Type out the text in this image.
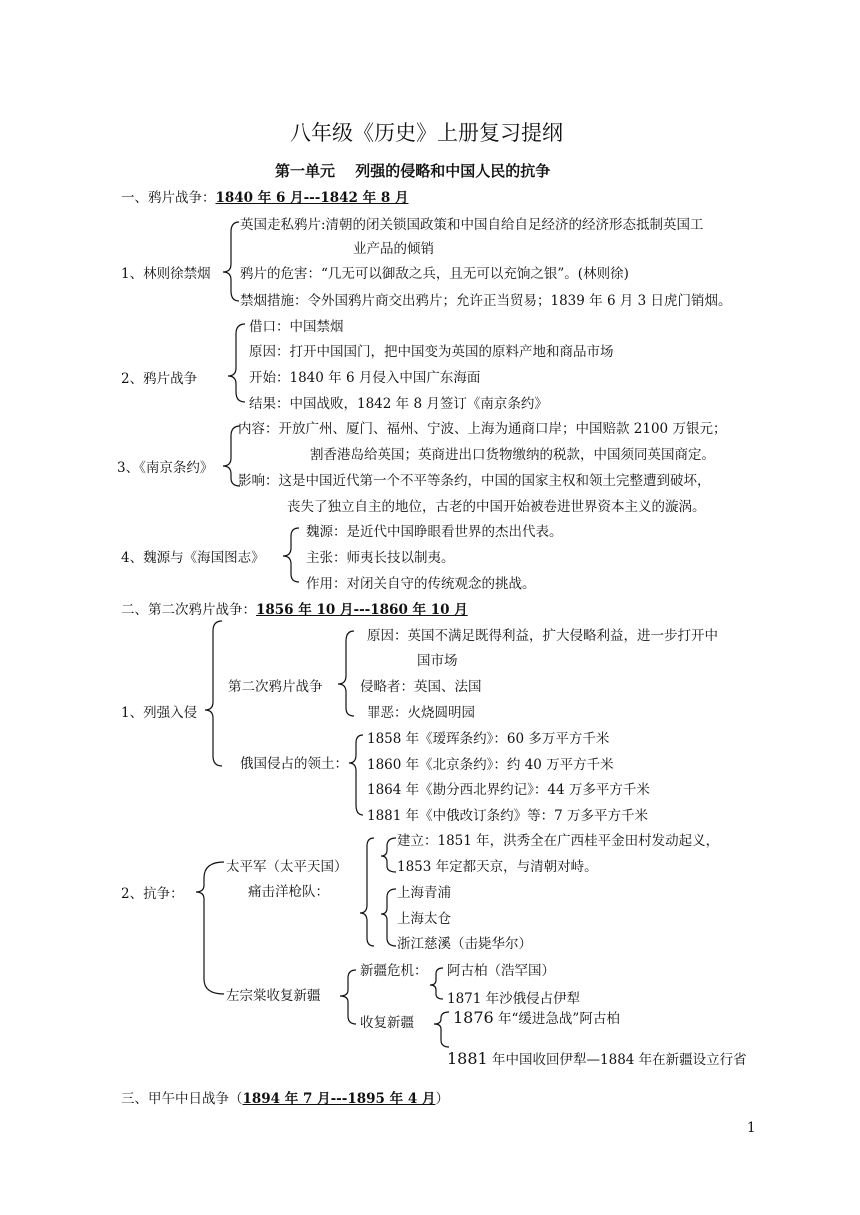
八年级《历史》上册复习提纲
第一单元　 列强的侵略和中国人民的抗争
一、鸦片战争：1840 年 6 月---1842 年 8 月
1、林则徐禁烟
英国走私鸦片:清朝的闭关锁国政策和中国自给自足经济的经济形态抵制英国工
业产品的倾销
鸦片的危害：“几无可以御敌之兵，且无可以充饷之银”。(林则徐)
禁烟措施：令外国鸦片商交出鸦片；允许正当贸易；1839 年 6 月 3 日虎门销烟。
2、鸦片战争
借口：中国禁烟
原因：打开中国国门，把中国变为英国的原料产地和商品市场
开始：1840 年 6 月侵入中国广东海面
结果：中国战败，1842 年 8 月签订《南京条约》
3、《南京条约》
内容：开放广州、厦门、福州、宁波、上海为通商口岸；中国赔款 2100 万银元；
割香港岛给英国；英商进出口货物缴纳的税款，中国须同英国商定。
影响：这是中国近代第一个不平等条约，中国的国家主权和领土完整遭到破坏，
丧失了独立自主的地位，古老的中国开始被卷进世界资本主义的漩涡。
4、魏源与《海国图志》
魏源：是近代中国睁眼看世界的杰出代表。
主张：师夷长技以制夷。
作用：对闭关自守的传统观念的挑战。
二、第二次鸦片战争：1856 年 10 月---1860 年 10 月
1、列强入侵
第二次鸦片战争
原因：英国不满足既得利益，扩大侵略利益，进一步打开中
国市场
侵略者：英国、法国
罪恶：火烧圆明园
俄国侵占的领土：
1858 年《瑷珲条约》：60 多万平方千米
1860 年《北京条约》：约 40 万平方千米
1864 年《勘分西北界约记》：44 万多平方千米
1881 年《中俄改订条约》等：7 万多平方千米
2、抗争：
太平军（太平天国）
痛击洋枪队：
建立：1851 年，洪秀全在广西桂平金田村发动起义，
1853 年定都天京，与清朝对峙。
上海青浦
上海太仓
浙江慈溪（击毙华尔）
左宗棠收复新疆
新疆危机： 阿古柏（浩罕国）
1871 年沙俄侵占伊犁
收复新疆 1876 年“缓进急战”阿古柏
1881 年中国收回伊犁—1884 年在新疆设立行省
三、甲午中日战争（1894 年 7 月---1895 年 4 月）
1
